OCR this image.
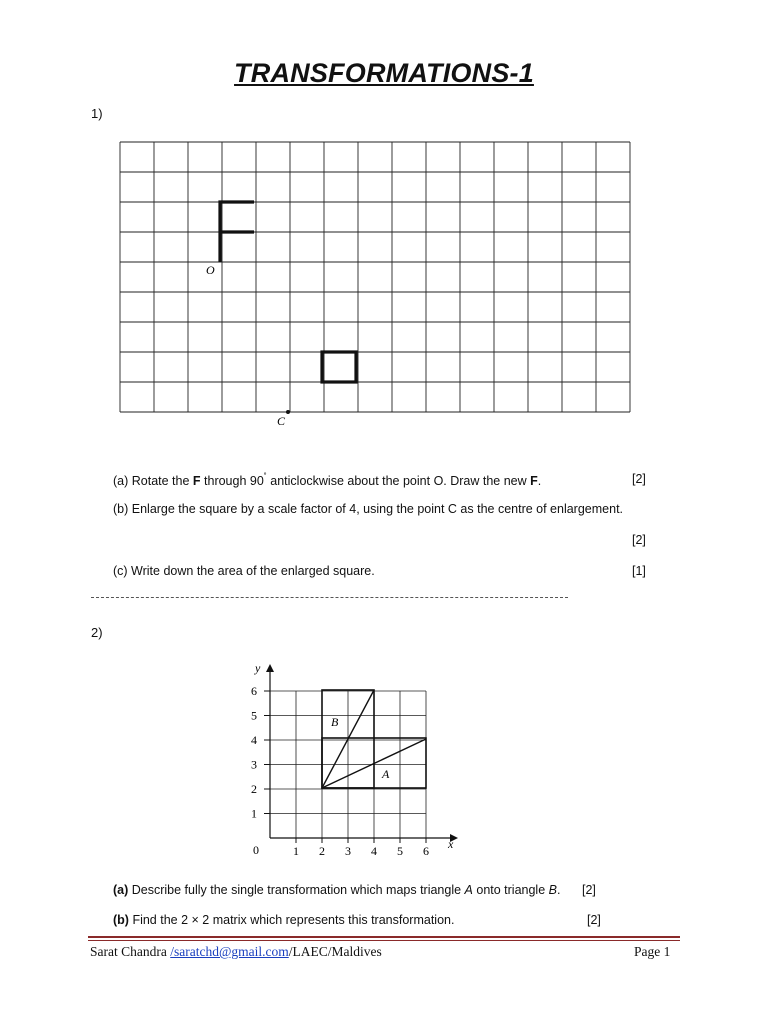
TRANSFORMATIONS-1
1)
O
C
(a) Rotate the F through 90˚ anticlockwise about the point O. Draw the new F.	[2]
(b) Enlarge the square by a scale factor of 4, using the point C as the centre of enlargement.
[2]
(c) Write down the area of the enlarged square.	[1]
2)
1 2 3 4 5 6
1
2
3
4
5
6
A
B
0	x
y
(a) Describe fully the single transformation which maps triangle A onto triangle B. [2]
(b) Find the 2 × 2 matrix which represents this transformation.	[2]
Sarat Chandra /saratchd@gmail.com/LAEC/Maldives	Page 1
